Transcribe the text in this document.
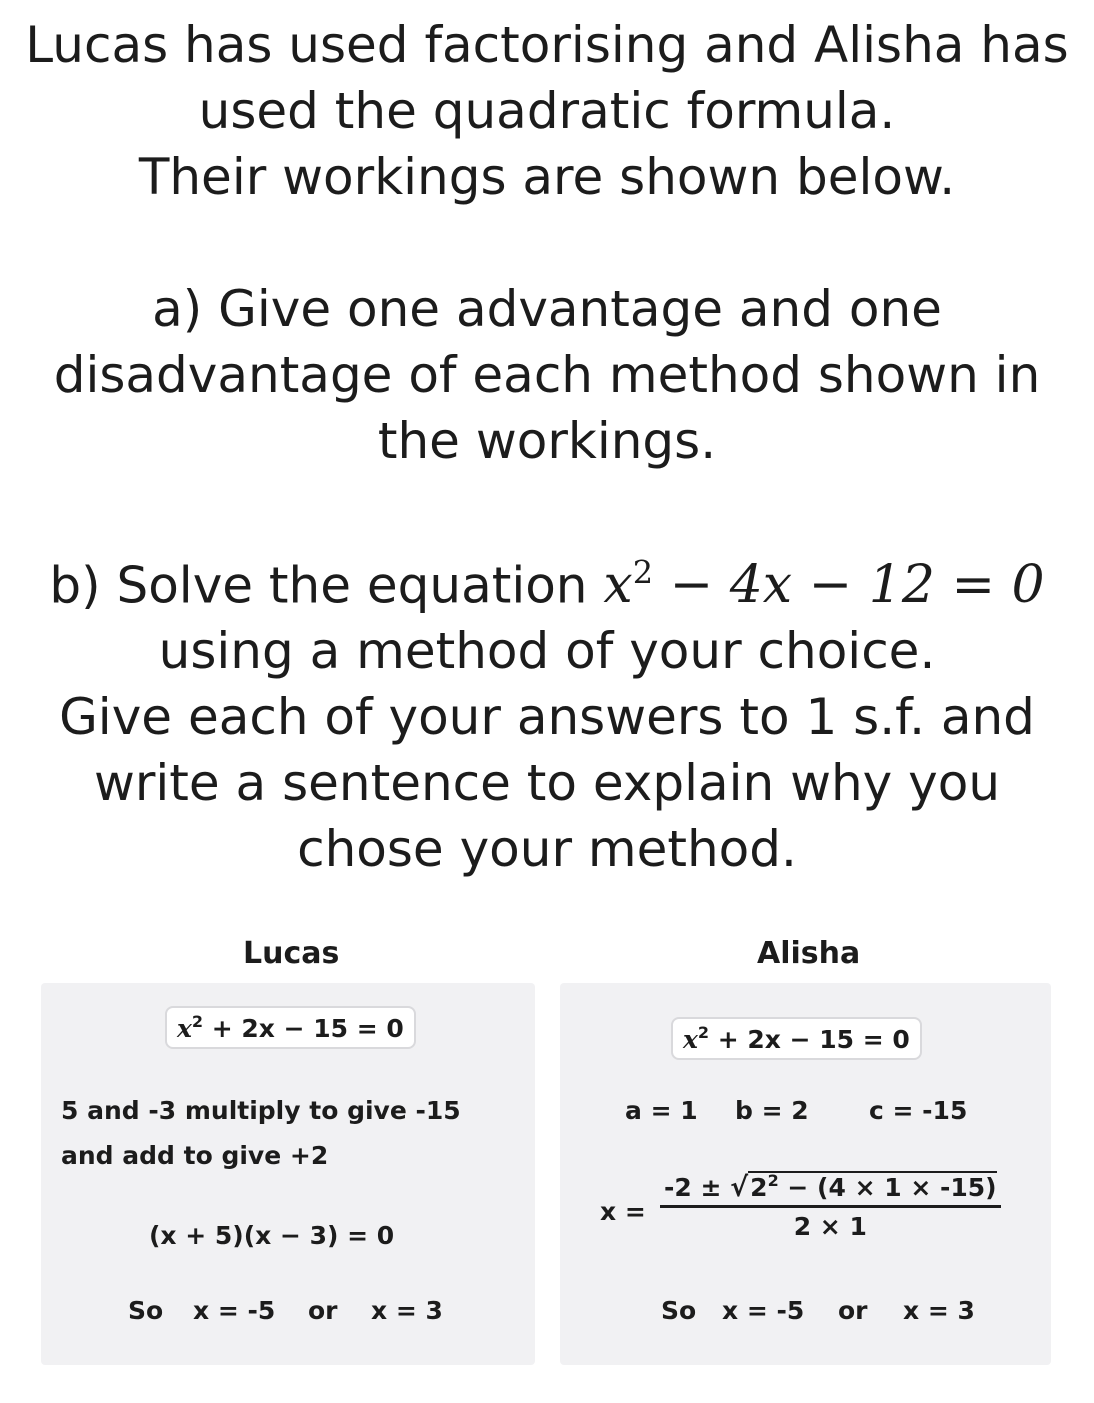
Lucas has used factorising and Alisha has

used the quadratic formula.

Their workings are shown below.

a) Give one advantage and one

disadvantage of each method shown in

the workings.

b) Solve the equation $x^2 - 4x - 12 = 0$

using a method of your choice.

Give each of your answers to 1 s.f. and

write a sentence to explain why you

chose your method.

Lucas	Alisha
$x^2 + 2x - 15 = 0$
5 and -3 multiply to give -15
and add to give +2
(x + 5)(x − 3) = 0
So x = -5 or x = 3
$x^2 + 2x - 15 = 0$
a = 1 b = 2 c = -15
$x = \frac{-2 \pm √2^2 - (4 \times 1 \times -15)}{2 \times 1}$
So x = -5 or x = 3
